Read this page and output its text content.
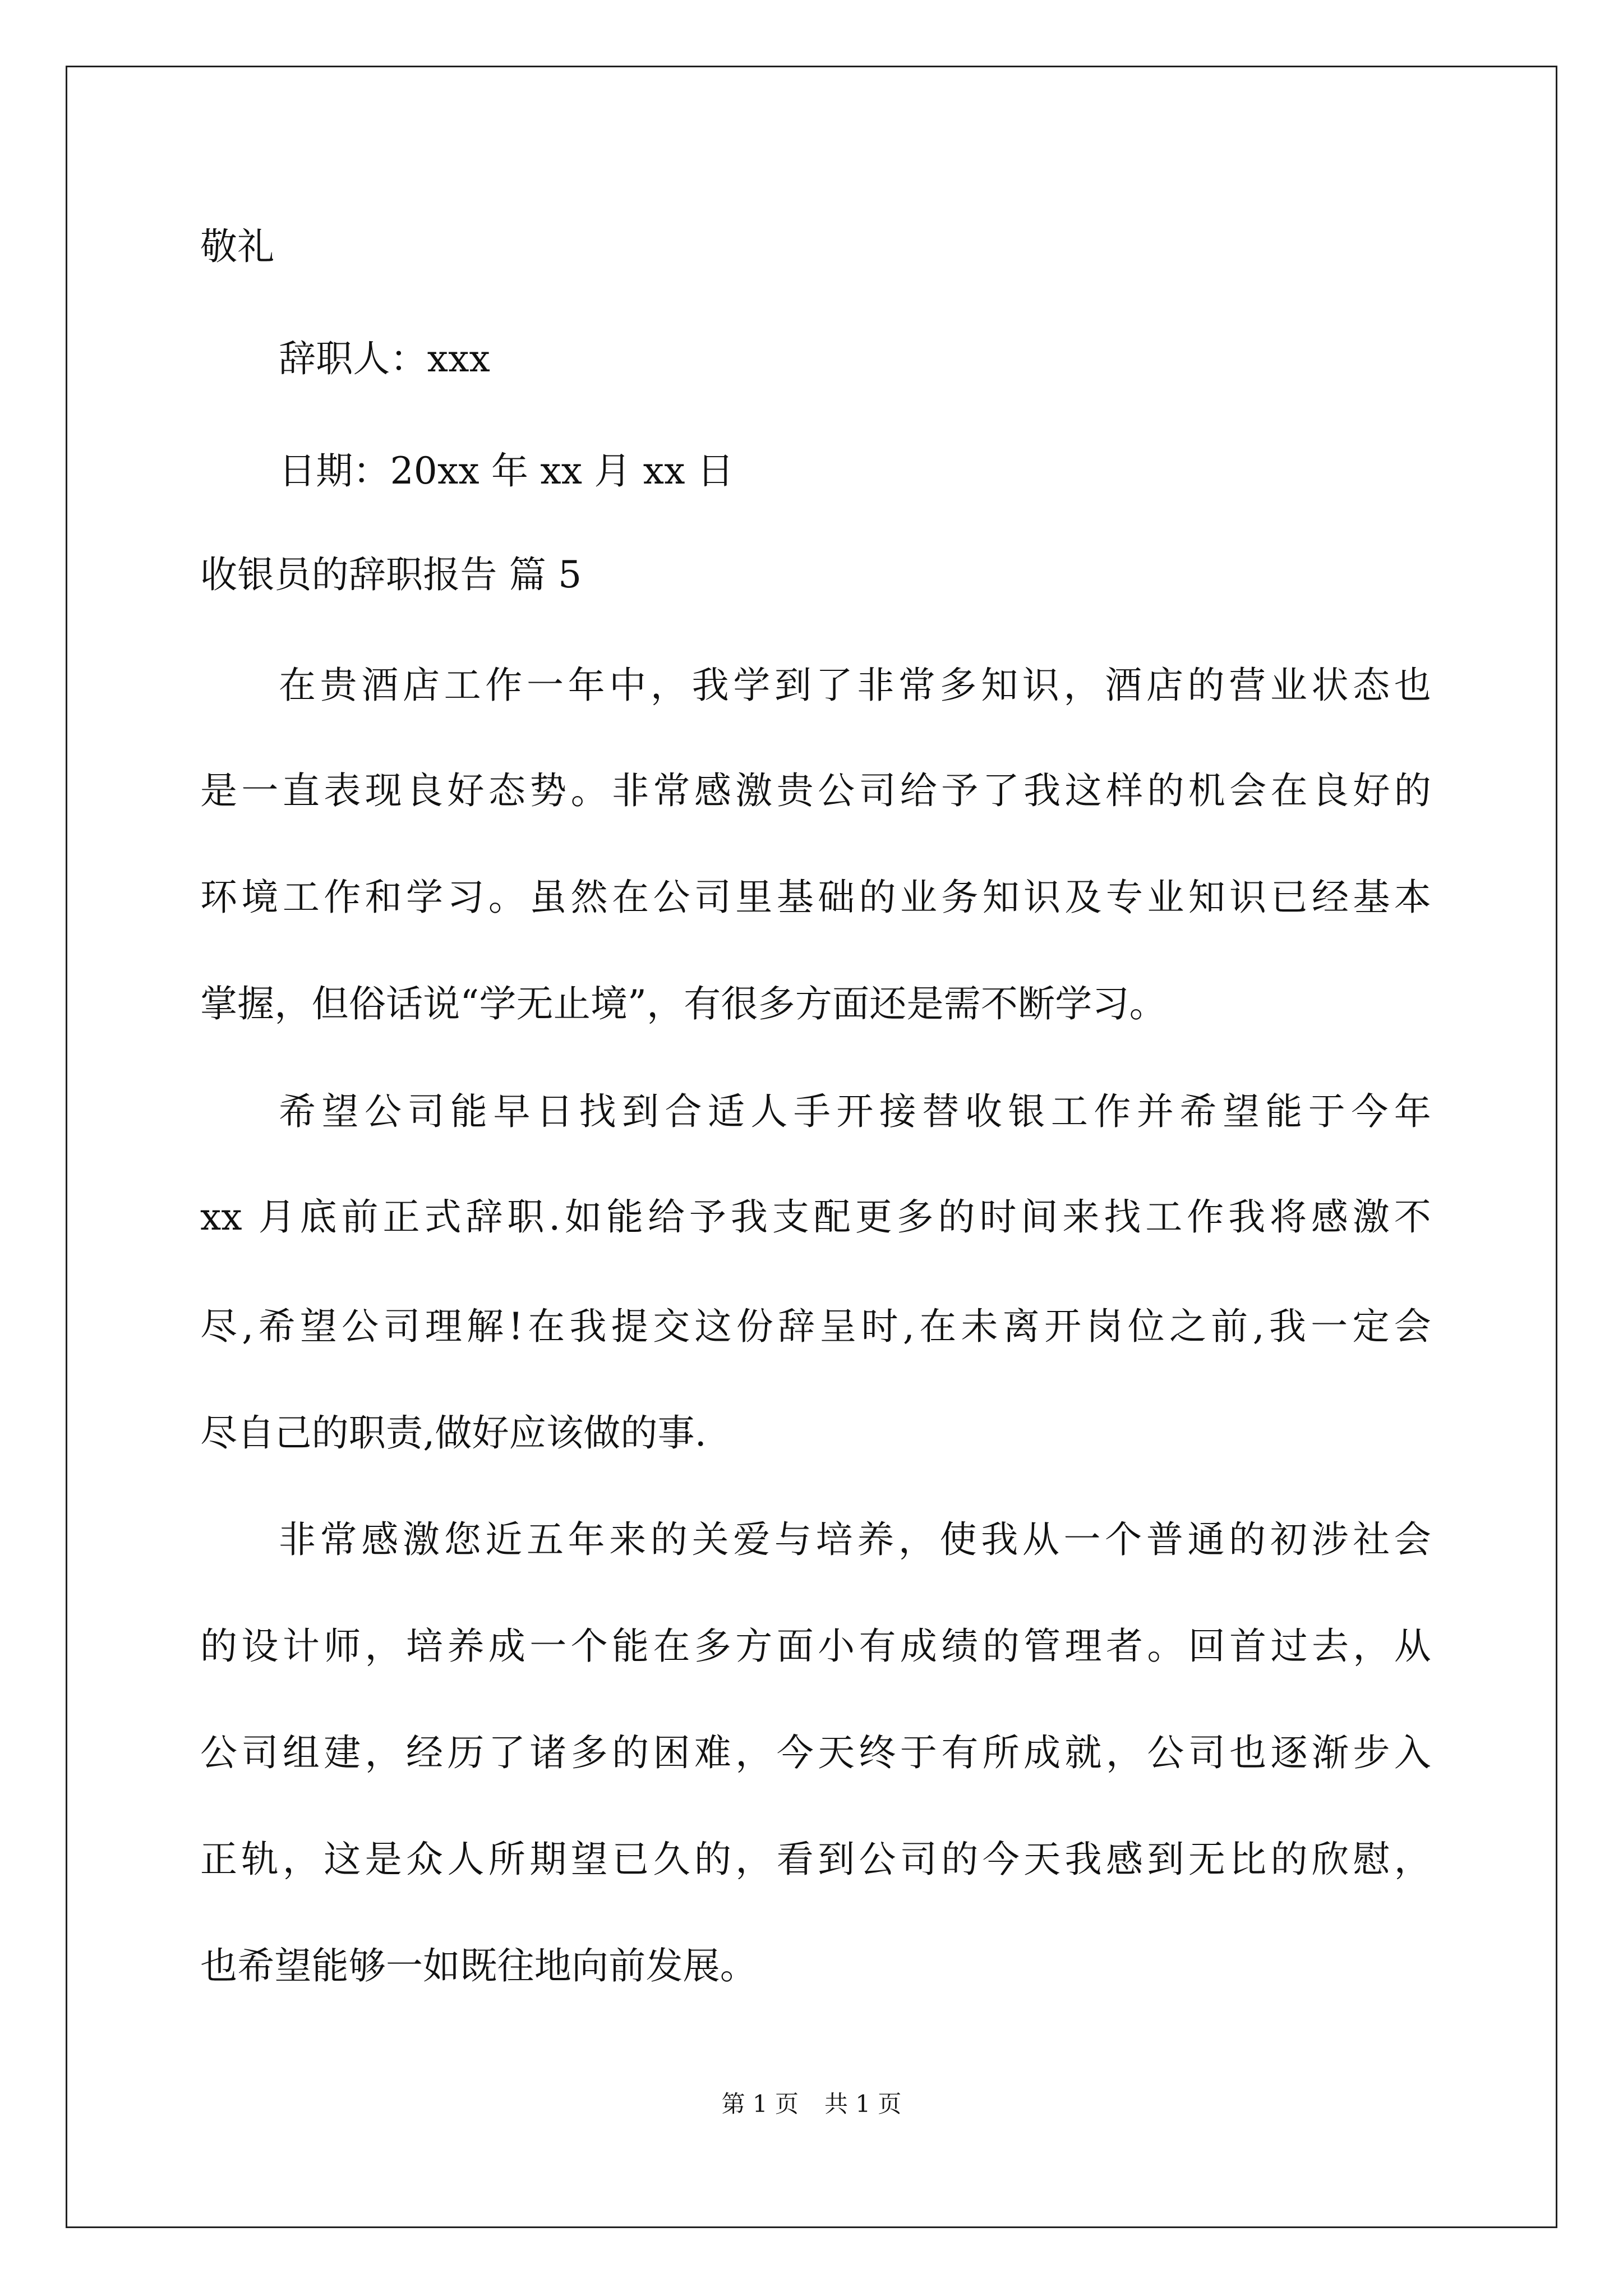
敬礼
辞职人：xxx
日期：20xx 年 xx 月 xx 日
收银员的辞职报告 篇 5
在贵酒店工作一年中，我学到了非常多知识，酒店的营业状态也
是一直表现良好态势。非常感激贵公司给予了我这样的机会在良好的
环境工作和学习。虽然在公司里基础的业务知识及专业知识已经基本
掌握，但俗话说“学无止境”，有很多方面还是需不断学习。
希望公司能早日找到合适人手开接替收银工作并希望能于今年
xx 月底前正式辞职.如能给予我支配更多的时间来找工作我将感激不
尽,希望公司理解!在我提交这份辞呈时,在未离开岗位之前,我一定会
尽自己的职责,做好应该做的事.
非常感激您近五年来的关爱与培养，使我从一个普通的初涉社会
的设计师，培养成一个能在多方面小有成绩的管理者。回首过去，从
公司组建，经历了诸多的困难，今天终于有所成就，公司也逐渐步入
正轨，这是众人所期望已久的，看到公司的今天我感到无比的欣慰，
也希望能够一如既往地向前发展。
第 1 页 共 1 页
